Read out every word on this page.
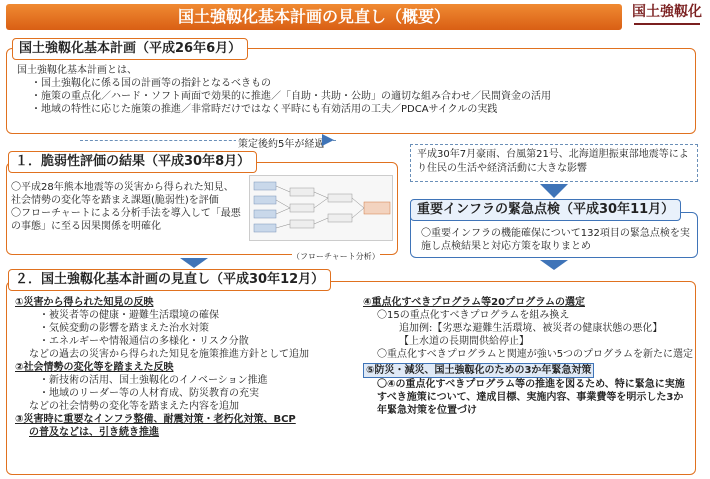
国土強靱化基本計画の見直し（概要）	国土強靱化
国土強靱化基本計画とは、
・国土強靱化に係る国の計画等の指針となるべきもの
・施策の重点化／ハード・ソフト両面で効果的に推進／「自助・共助・公助」の適切な組み合わせ／民間資金の活用
・地域の特性に応じた施策の推進／非常時だけではなく平時にも有効活用の工夫／PDCAサイクルの実践
国土強靱化基本計画（平成26年6月）
策定後約5年が経過
〇平成28年熊本地震等の災害から得られた知見、社会情勢の変化等を踏まえ課題(脆弱性)を評価
〇フローチャートによる分析手法を導入して「最悪の事態」に至る因果関係を明確化
１．脆弱性評価の結果（平成30年8月）
（フローチャート分析）
平成30年7月豪雨、台風第21号、北海道胆振東部地震等により住民の生活や経済活動に大きな影響
〇重要インフラの機能確保について132項目の緊急点検を実施し点検結果と対応方策を取りまとめ
重要インフラの緊急点検（平成30年11月）
①災害から得られた知見の反映
・被災者等の健康・避難生活環境の確保
・気候変動の影響を踏まえた治水対策
・エネルギーや情報通信の多様化・リスク分散
などの過去の災害から得られた知見を施策推進方針として追加
②社会情勢の変化等を踏まえた反映
・新技術の活用、国土強靱化のイノベーション推進
・地域のリーダー等の人材育成、防災教育の充実
などの社会情勢の変化等を踏まえた内容を追加
③災害時に重要なインフラ整備、耐震対策・老朽化対策、BCP
の普及などは、引き続き推進
④重点化すべきプログラム等20プログラムの選定
〇15の重点化すべきプログラムを組み換え
追加例:【劣悪な避難生活環境、被災者の健康状態の悪化】
【上水道の長期間供給停止】
〇重点化すべきプログラムと関連が強い5つのプログラムを新たに選定
⑤防災・減災、国土強靱化のための3か年緊急対策
〇④の重点化すべきプログラム等の推進を図るため、特に緊急に実施すべき施策について、達成目標、実施内容、事業費等を明示した3か年緊急対策を位置づけ
２．国土強靱化基本計画の見直し（平成30年12月）
